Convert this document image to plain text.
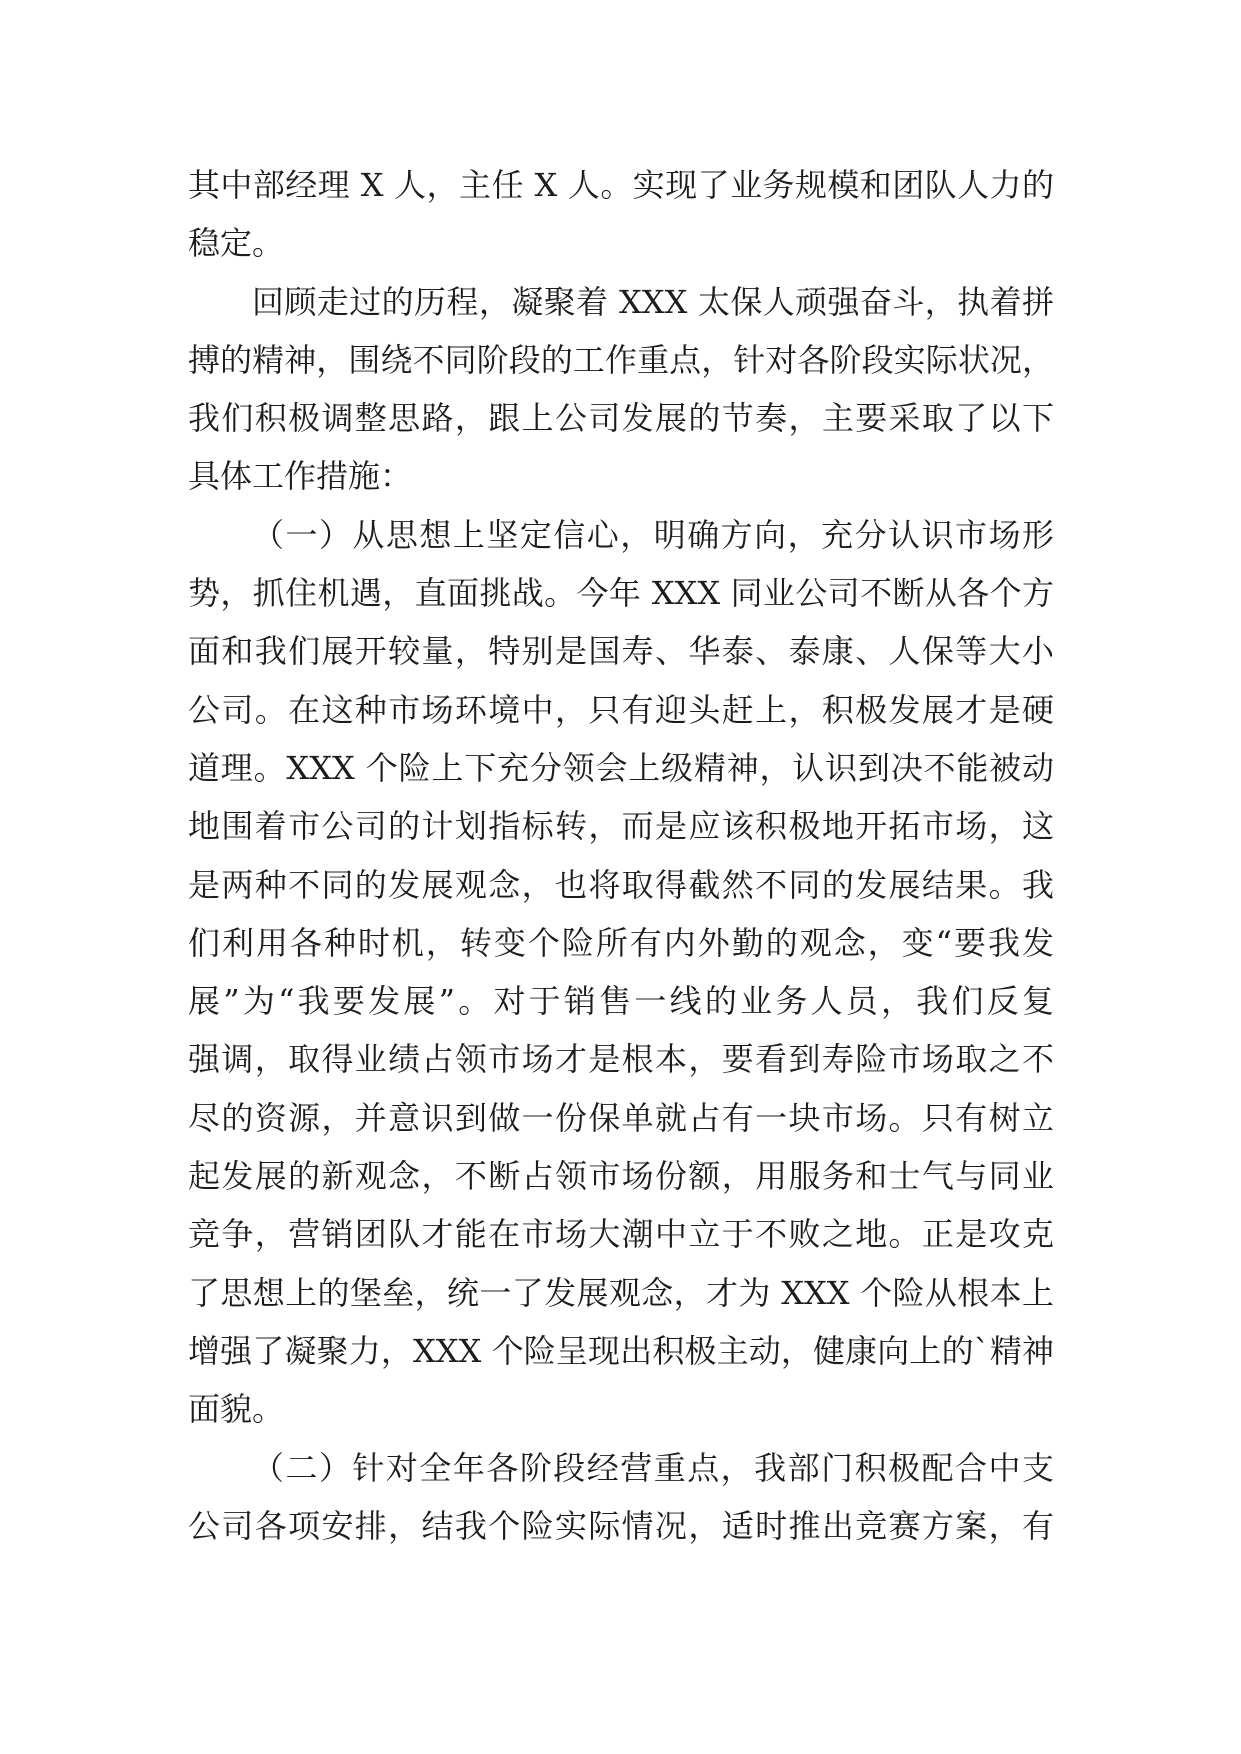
其中部经理 X 人，主任 X 人。实现了业务规模和团队人力的
稳定。
回顾走过的历程，凝聚着 XXX 太保人顽强奋斗，执着拼
搏的精神，围绕不同阶段的工作重点，针对各阶段实际状况，
我们积极调整思路，跟上公司发展的节奏，主要采取了以下
具体工作措施：
（一）从思想上坚定信心，明确方向，充分认识市场形
势，抓住机遇，直面挑战。今年 XXX 同业公司不断从各个方
面和我们展开较量，特别是国寿、华泰、泰康、人保等大小
公司。在这种市场环境中，只有迎头赶上，积极发展才是硬
道理。XXX 个险上下充分领会上级精神，认识到决不能被动
地围着市公司的计划指标转，而是应该积极地开拓市场，这
是两种不同的发展观念，也将取得截然不同的发展结果。我
们利用各种时机，转变个险所有内外勤的观念，变“要我发
展”为“我要发展”。对于销售一线的业务人员，我们反复
强调，取得业绩占领市场才是根本，要看到寿险市场取之不
尽的资源，并意识到做一份保单就占有一块市场。只有树立
起发展的新观念，不断占领市场份额，用服务和士气与同业
竞争，营销团队才能在市场大潮中立于不败之地。正是攻克
了思想上的堡垒，统一了发展观念，才为 XXX 个险从根本上
增强了凝聚力，XXX 个险呈现出积极主动，健康向上的`精神
面貌。
（二）针对全年各阶段经营重点，我部门积极配合中支
公司各项安排，结我个险实际情况，适时推出竞赛方案，有
